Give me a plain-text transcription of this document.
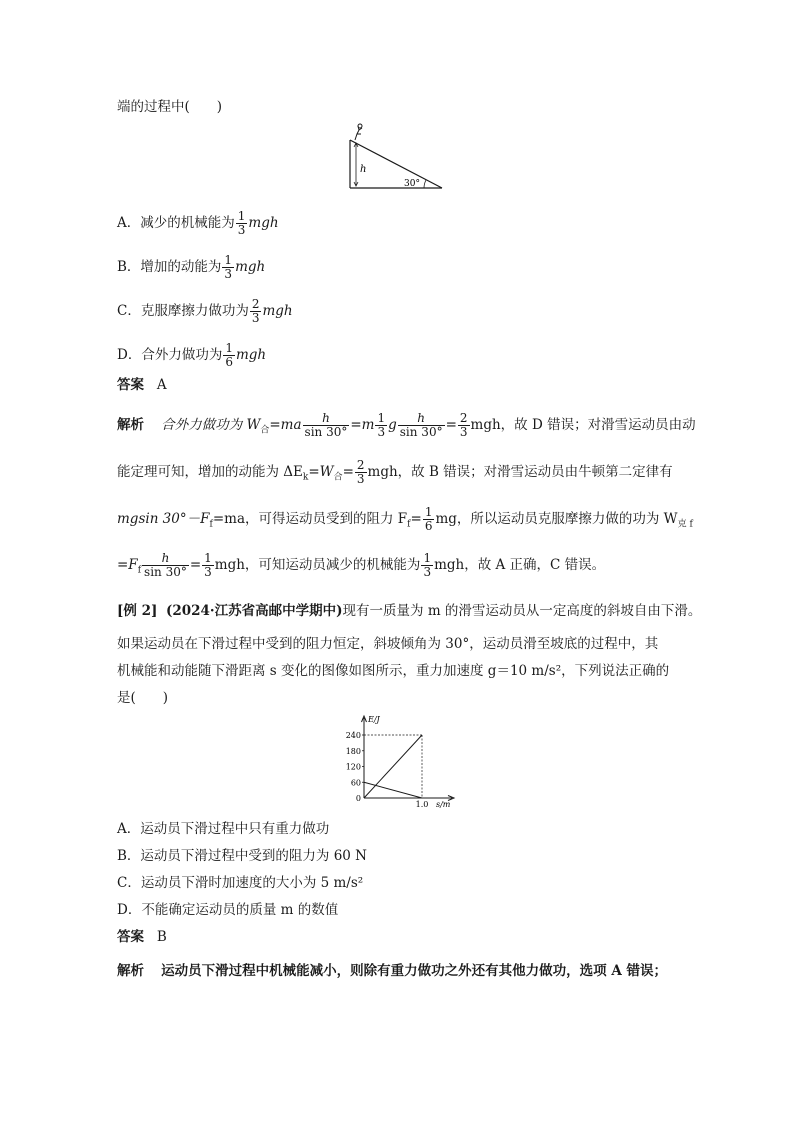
端的过程中(　　)
h
30°
A．减少的机械能为 $\frac{1}{3}$ mgh
B．增加的动能为 $\frac{1}{3}$ mgh
C．克服摩擦力做功为 $\frac{2}{3}$ mgh
D．合外力做功为 $\frac{1}{6}$ mgh
答案 A
解析 合外力做功为 $W_合=ma \frac{h}{\sin 30^\circ} =m \frac{1}{3}$ g $\frac{h}{\sin 30^\circ} = \frac{2}{3}$ mgh，故 D 错误；对滑雪运动员由动
能定理可知，增加的动能为 $\Delta E_k=W_合= \frac{2}{3}$ mgh，故 B 错误；对滑雪运动员由牛顿第二定律有
mgsin $30^\circ-F_f=ma$，可得运动员受到的阻力 $F_f= \frac{1}{6}$ mg，所以运动员克服摩擦力做的功为 $W_{克 f}$
$=F_f \frac{h}{\sin 30^\circ} = \frac{1}{3}$ mgh，可知运动员减少的机械能为 $\frac{1}{3}$ mgh，故 A 正确，C 错误。
[例 2] (2024·江苏省高邮中学期中)现有一质量为 m 的滑雪运动员从一定高度的斜坡自由下滑。
如果运动员在下滑过程中受到的阻力恒定，斜坡倾角为 30°，运动员滑至坡底的过程中，其
机械能和动能随下滑距离 s 变化的图像如图所示，重力加速度 g＝10 m/s²，下列说法正确的
是(　　)
E/J
s/m
240
180
120
60
0
1.0
A．运动员下滑过程中只有重力做功
B．运动员下滑过程中受到的阻力为 60 N
C．运动员下滑时加速度的大小为 5 m/s²
D．不能确定运动员的质量 m 的数值
答案 B
解析 运动员下滑过程中机械能减小，则除有重力做功之外还有其他力做功，选项 A 错误；
